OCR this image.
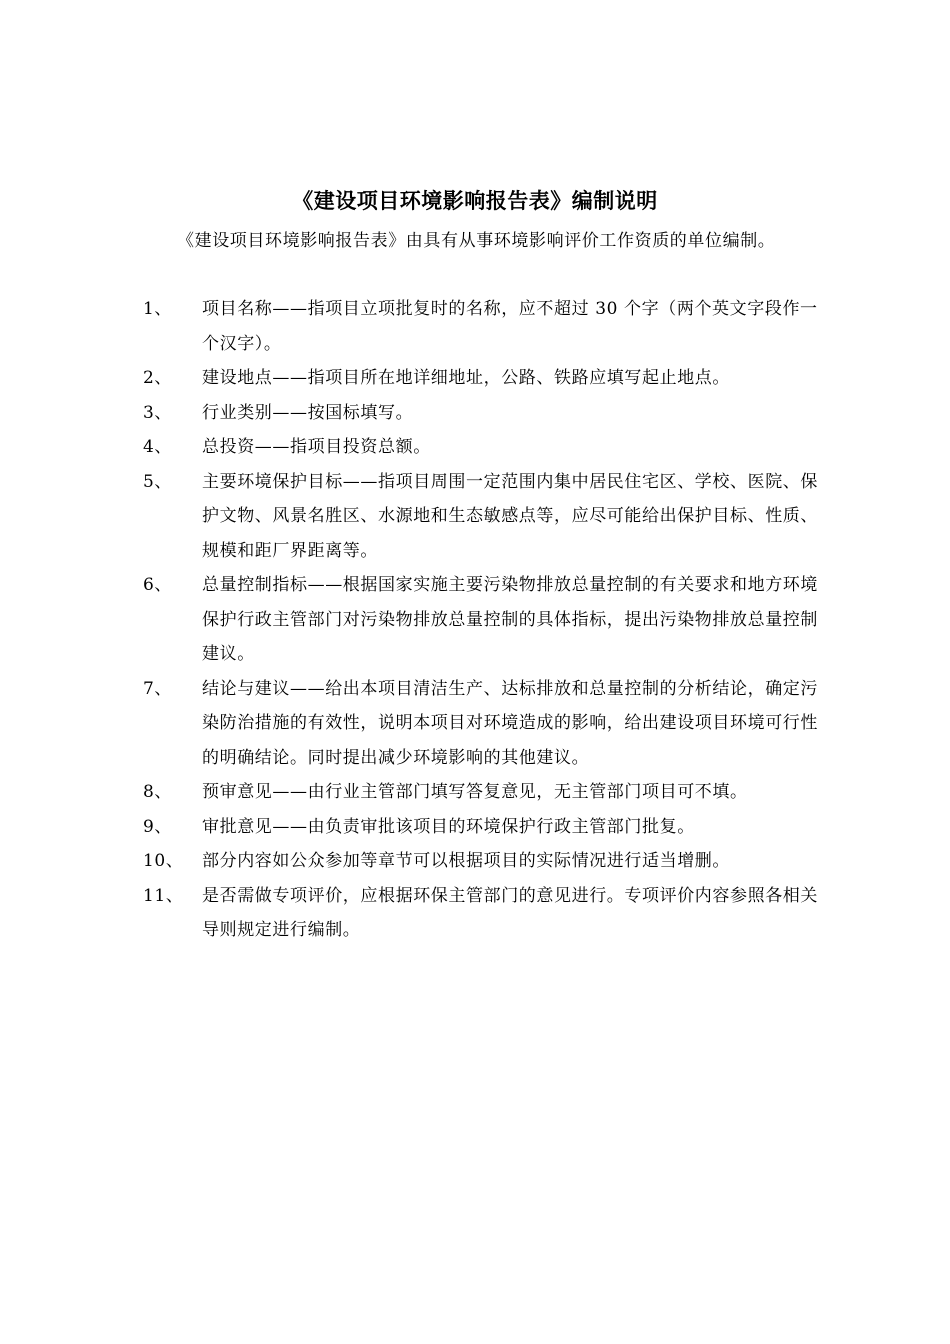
《建设项目环境影响报告表》编制说明
《建设项目环境影响报告表》由具有从事环境影响评价工作资质的单位编制。
1、	项目名称——指项目立项批复时的名称，应不超过 30 个字（两个英文字段作一个汉字）。
2、	建设地点——指项目所在地详细地址，公路、铁路应填写起止地点。
3、	行业类别——按国标填写。
4、	总投资——指项目投资总额。
5、	主要环境保护目标——指项目周围一定范围内集中居民住宅区、学校、医院、保护文物、风景名胜区、水源地和生态敏感点等，应尽可能给出保护目标、性质、规模和距厂界距离等。
6、	总量控制指标——根据国家实施主要污染物排放总量控制的有关要求和地方环境保护行政主管部门对污染物排放总量控制的具体指标，提出污染物排放总量控制建议。
7、	结论与建议——给出本项目清洁生产、达标排放和总量控制的分析结论，确定污染防治措施的有效性，说明本项目对环境造成的影响，给出建设项目环境可行性的明确结论。同时提出减少环境影响的其他建议。
8、	预审意见——由行业主管部门填写答复意见，无主管部门项目可不填。
9、	审批意见——由负责审批该项目的环境保护行政主管部门批复。
10、	部分内容如公众参加等章节可以根据项目的实际情况进行适当增删。
11、	是否需做专项评价，应根据环保主管部门的意见进行。专项评价内容参照各相关导则规定进行编制。
